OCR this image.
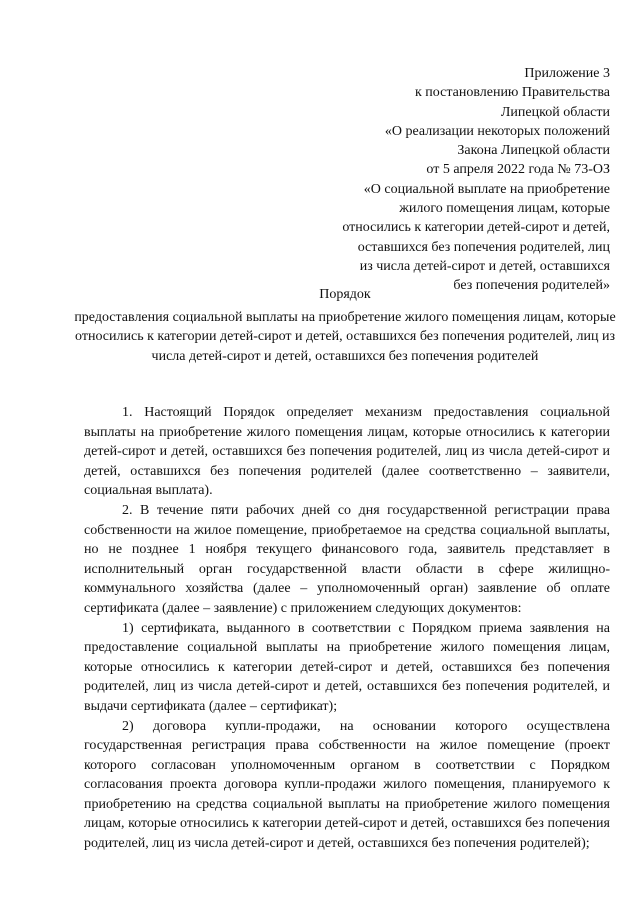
Приложение 3
к постановлению Правительства
Липецкой области
«О реализации некоторых положений
Закона Липецкой области
от 5 апреля 2022 года № 73-ОЗ
«О социальной выплате на приобретение
жилого помещения лицам, которые
относились к категории детей-сирот и детей,
оставшихся без попечения родителей, лиц
из числа детей-сирот и детей, оставшихся
без попечения родителей»
Порядок
предоставления социальной выплаты на приобретение жилого помещения лицам, которые относились к категории детей-сирот и детей, оставшихся без попечения родителей, лиц из числа детей-сирот и детей, оставшихся без попечения родителей

1. Настоящий Порядок определяет механизм предоставления социальной выплаты на приобретение жилого помещения лицам, которые относились к категории детей-сирот и детей, оставшихся без попечения родителей, лиц из числа детей-сирот и детей, оставшихся без попечения родителей (далее соответственно – заявители, социальная выплата).

2. В течение пяти рабочих дней со дня государственной регистрации права собственности на жилое помещение, приобретаемое на средства социальной выплаты, но не позднее 1 ноября текущего финансового года, заявитель представляет в исполнительный орган государственной власти области в сфере жилищно-коммунального хозяйства (далее – уполномоченный орган) заявление об оплате сертификата (далее – заявление) с приложением следующих документов:

1) сертификата, выданного в соответствии с Порядком приема заявления на предоставление социальной выплаты на приобретение жилого помещения лицам, которые относились к категории детей-сирот и детей, оставшихся без попечения родителей, лиц из числа детей-сирот и детей, оставшихся без попечения родителей, и выдачи сертификата (далее – сертификат);

2) договора купли-продажи, на основании которого осуществлена государственная регистрация права собственности на жилое помещение (проект которого согласован уполномоченным органом в соответствии с Порядком согласования проекта договора купли-продажи жилого помещения, планируемого к приобретению на средства социальной выплаты на приобретение жилого помещения лицам, которые относились к категории детей-сирот и детей, оставшихся без попечения родителей, лиц из числа детей-сирот и детей, оставшихся без попечения родителей);
